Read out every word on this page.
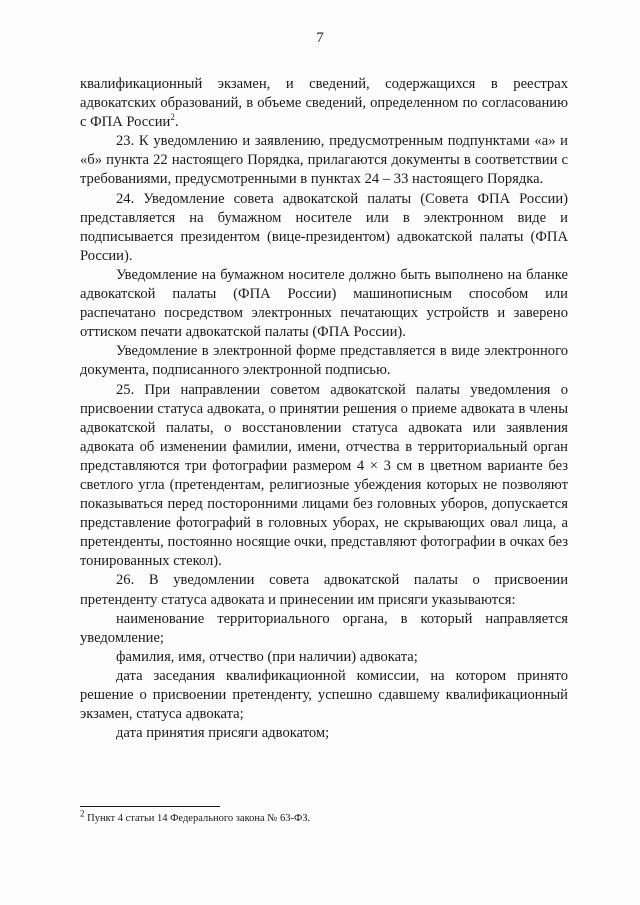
7

квалификационный экзамен, и сведений, содержащихся в реестрах адвокатских образований, в объеме сведений, определенном по согласованию с ФПА России$^2$.

23. К уведомлению и заявлению, предусмотренным подпунктами «а» и «б» пункта 22 настоящего Порядка, прилагаются документы в соответствии с требованиями, предусмотренными в пунктах 24 – 33 настоящего Порядка.

24. Уведомление совета адвокатской палаты (Совета ФПА России) представляется на бумажном носителе или в электронном виде и подписывается президентом (вице-президентом) адвокатской палаты (ФПА России).

Уведомление на бумажном носителе должно быть выполнено на бланке адвокатской палаты (ФПА России) машинописным способом или распечатано посредством электронных печатающих устройств и заверено оттиском печати адвокатской палаты (ФПА России).

Уведомление в электронной форме представляется в виде электронного документа, подписанного электронной подписью.

25. При направлении советом адвокатской палаты уведомления о присвоении статуса адвоката, о принятии решения о приеме адвоката в члены адвокатской палаты, о восстановлении статуса адвоката или заявления адвоката об изменении фамилии, имени, отчества в территориальный орган представляются три фотографии размером 4 × 3 см в цветном варианте без светлого угла (претендентам, религиозные убеждения которых не позволяют показываться перед посторонними лицами без головных уборов, допускается представление фотографий в головных уборах, не скрывающих овал лица, а претенденты, постоянно носящие очки, представляют фотографии в очках без тонированных стекол).

26. В уведомлении совета адвокатской палаты о присвоении претенденту статуса адвоката и принесении им присяги указываются:

наименование территориального органа, в который направляется уведомление;

фамилия, имя, отчество (при наличии) адвоката;

дата заседания квалификационной комиссии, на котором принято решение о присвоении претенденту, успешно сдавшему квалификационный экзамен, статуса адвоката;

дата принятия присяги адвокатом;

$^2$ Пункт 4 статьи 14 Федерального закона № 63-ФЗ.
